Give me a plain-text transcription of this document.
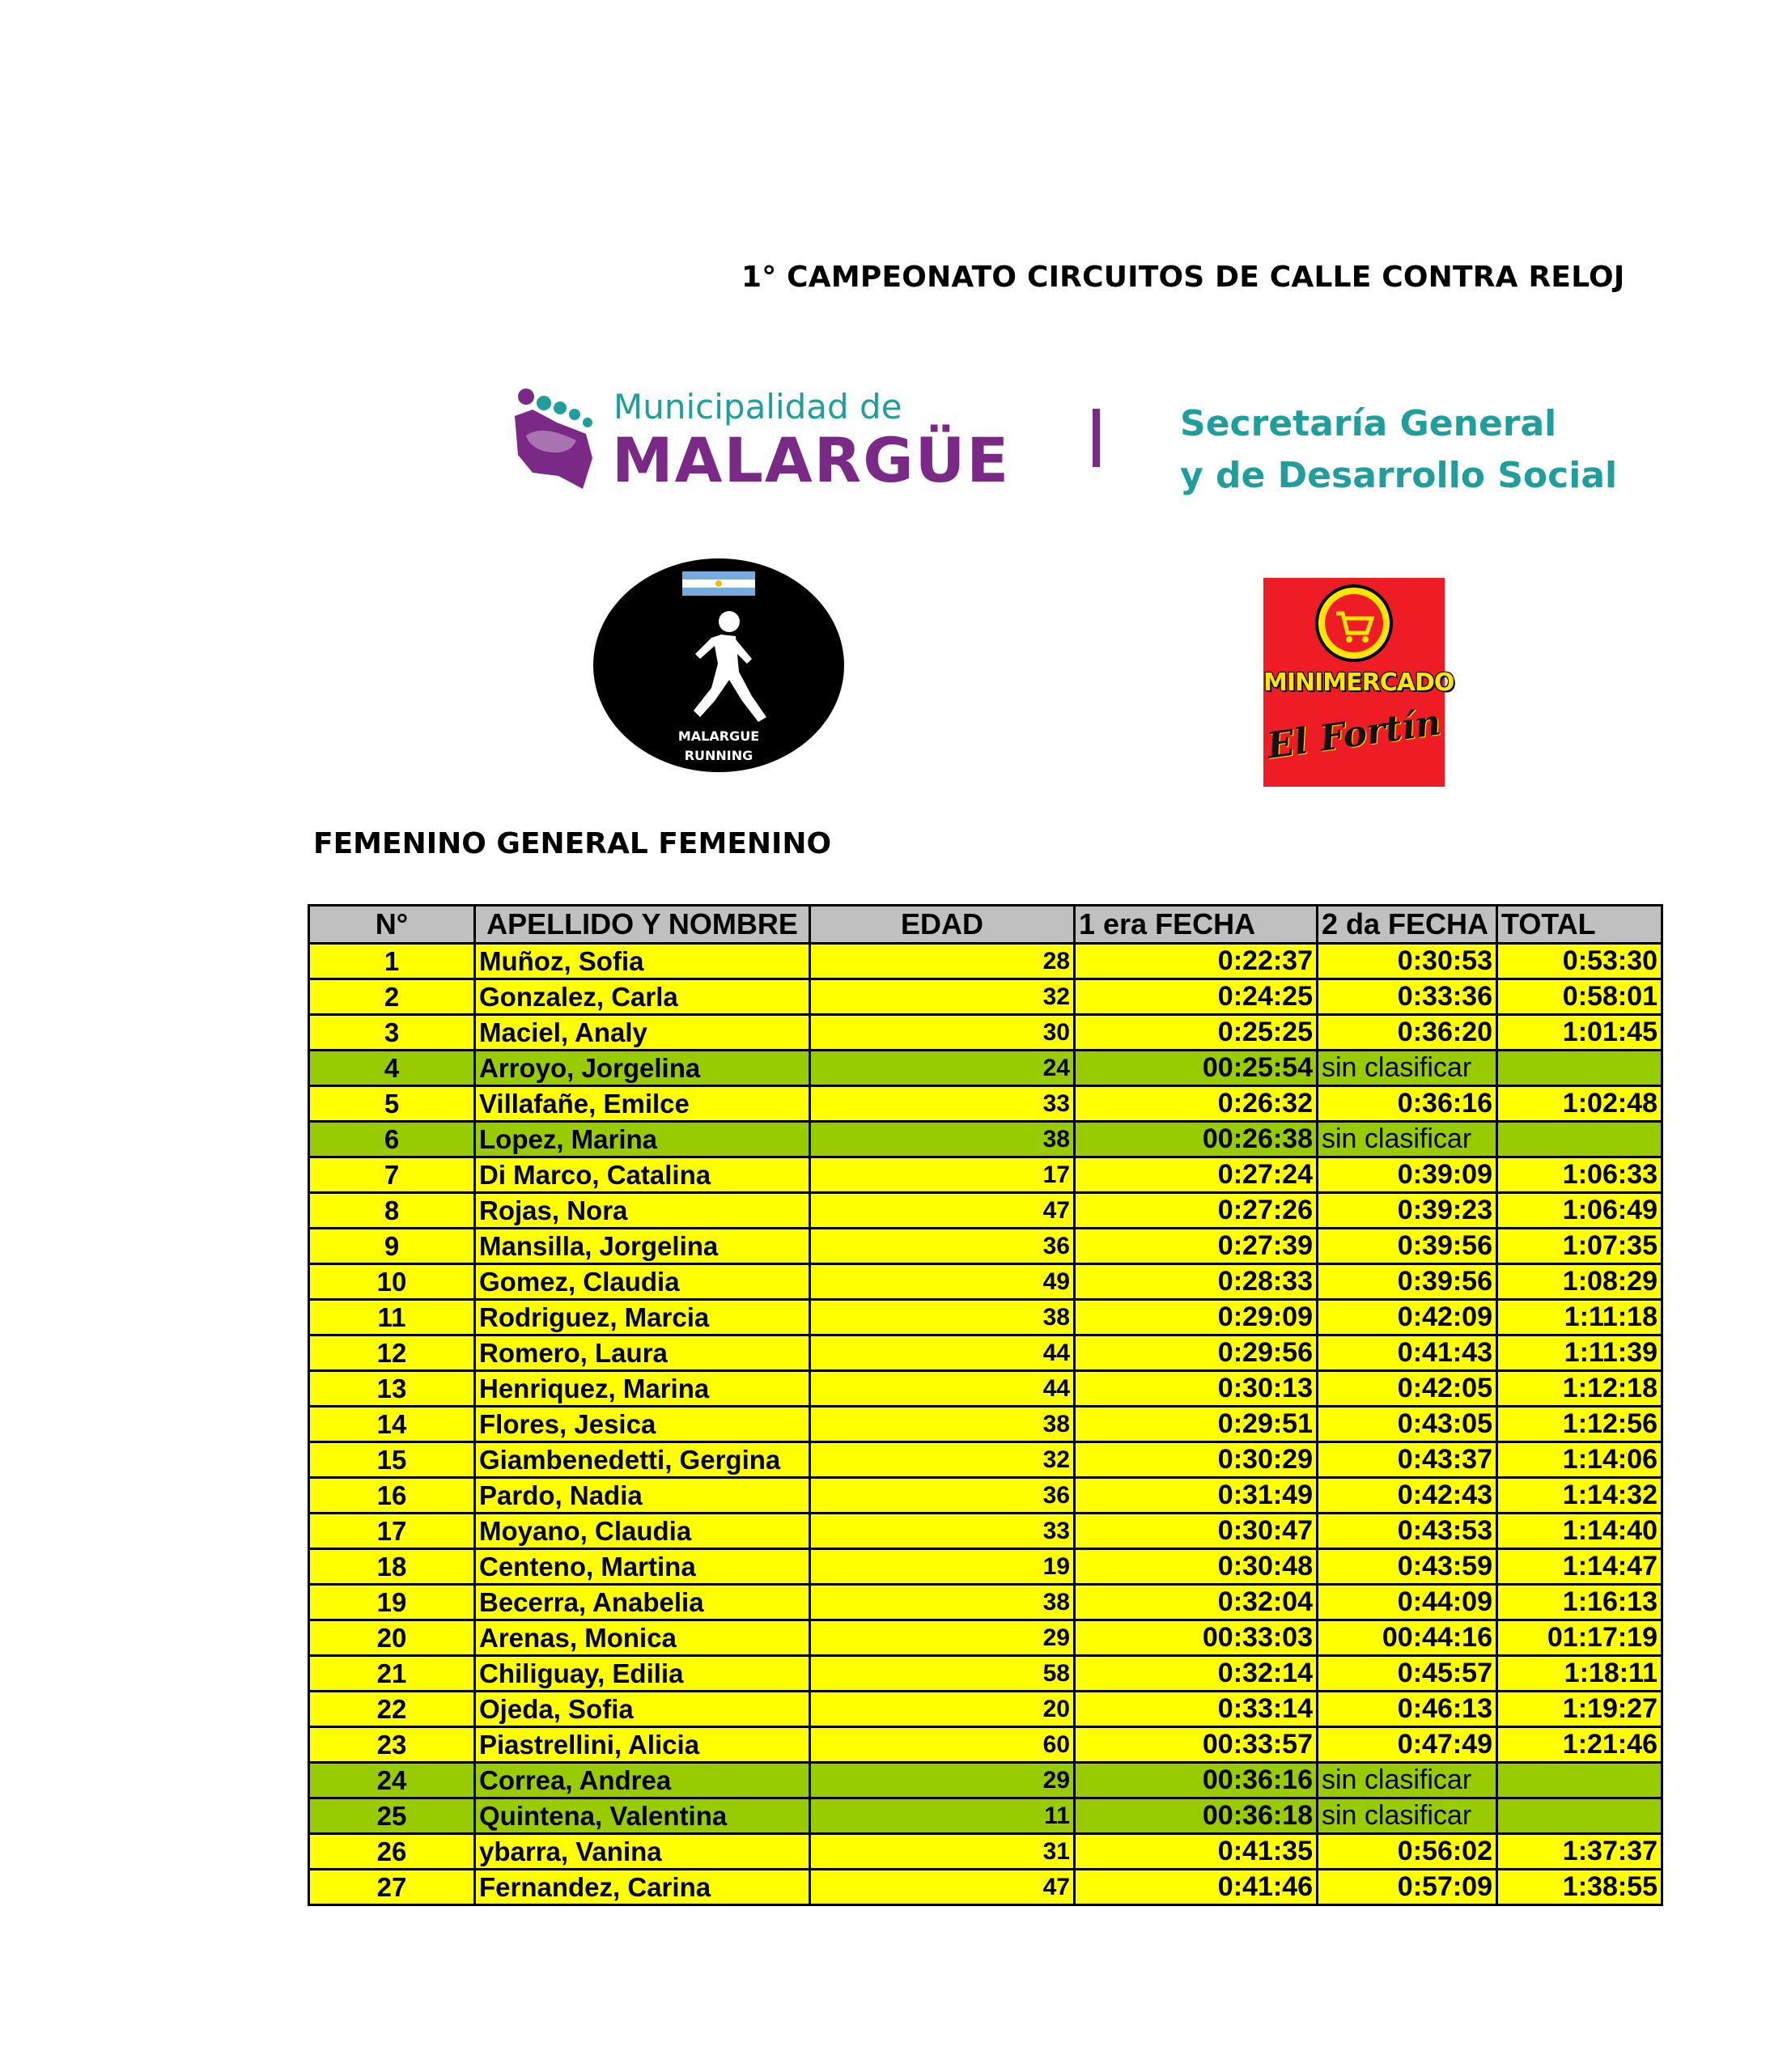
1° CAMPEONATO CIRCUITOS DE CALLE CONTRA RELOJ
Municipalidad de
MALARGÜE
Secretaría General
y de Desarrollo Social
MALARGUE
RUNNING
MINIMERCADO
El Fortín
FEMENINO GENERAL FEMENINO
N°	APELLIDO Y NOMBRE	EDAD	1 era FECHA	2 da FECHA	TOTAL
1	Muñoz, Sofia	28	0:22:37	0:30:53	0:53:30
2	Gonzalez, Carla	32	0:24:25	0:33:36	0:58:01
3	Maciel, Analy	30	0:25:25	0:36:20	1:01:45
4	Arroyo, Jorgelina	24	00:25:54	sin clasificar	
5	Villafañe, Emilce	33	0:26:32	0:36:16	1:02:48
6	Lopez, Marina	38	00:26:38	sin clasificar	
7	Di Marco, Catalina	17	0:27:24	0:39:09	1:06:33
8	Rojas, Nora	47	0:27:26	0:39:23	1:06:49
9	Mansilla, Jorgelina	36	0:27:39	0:39:56	1:07:35
10	Gomez, Claudia	49	0:28:33	0:39:56	1:08:29
11	Rodriguez, Marcia	38	0:29:09	0:42:09	1:11:18
12	Romero, Laura	44	0:29:56	0:41:43	1:11:39
13	Henriquez, Marina	44	0:30:13	0:42:05	1:12:18
14	Flores, Jesica	38	0:29:51	0:43:05	1:12:56
15	Giambenedetti, Gergina	32	0:30:29	0:43:37	1:14:06
16	Pardo, Nadia	36	0:31:49	0:42:43	1:14:32
17	Moyano, Claudia	33	0:30:47	0:43:53	1:14:40
18	Centeno, Martina	19	0:30:48	0:43:59	1:14:47
19	Becerra, Anabelia	38	0:32:04	0:44:09	1:16:13
20	Arenas, Monica	29	00:33:03	00:44:16	01:17:19
21	Chiliguay, Edilia	58	0:32:14	0:45:57	1:18:11
22	Ojeda, Sofia	20	0:33:14	0:46:13	1:19:27
23	Piastrellini, Alicia	60	00:33:57	0:47:49	1:21:46
24	Correa, Andrea	29	00:36:16	sin clasificar	
25	Quintena, Valentina	11	00:36:18	sin clasificar	
26	ybarra, Vanina	31	0:41:35	0:56:02	1:37:37
27	Fernandez, Carina	47	0:41:46	0:57:09	1:38:55
